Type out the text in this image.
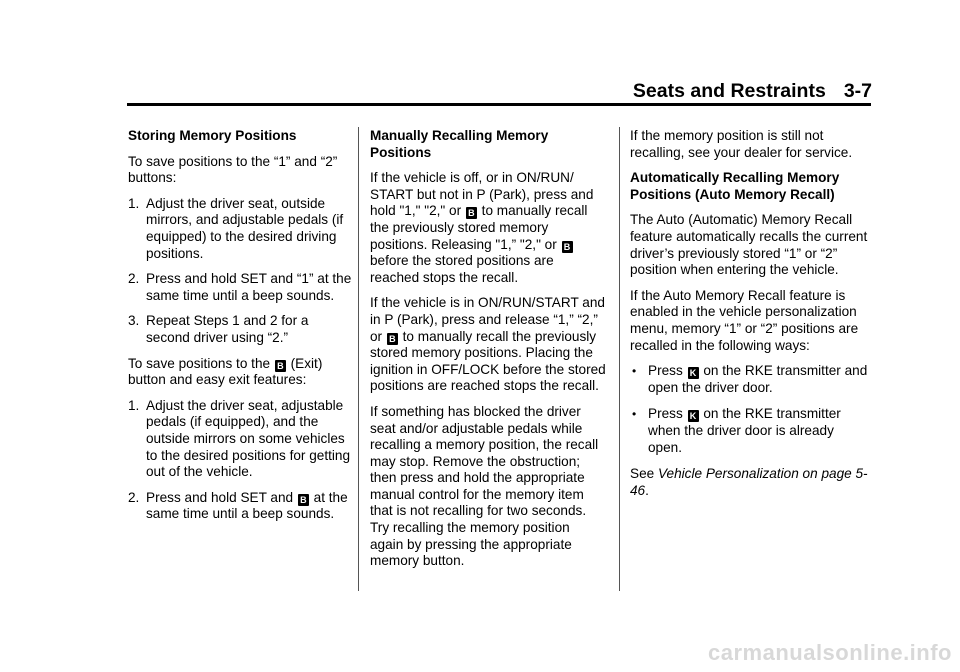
Seats and Restraints 3-7

Storing Memory Positions

To save positions to the “1” and “2” buttons:

1. Adjust the driver seat, outside mirrors, and adjustable pedals (if equipped) to the desired driving positions.
2. Press and hold SET and “1” at the same time until a beep sounds.
3. Repeat Steps 1 and 2 for a second driver using “2.”

To save positions to the B (Exit) button and easy exit features:

1. Adjust the driver seat, adjustable pedals (if equipped), and the outside mirrors on some vehicles to the desired positions for getting out of the vehicle.
2. Press and hold SET and B at the same time until a beep sounds.

Manually Recalling Memory Positions

If the vehicle is off, or in ON/RUN/ START but not in P (Park), press and hold "1," "2," or B to manually recall the previously stored memory positions. Releasing "1,” "2," or B before the stored positions are reached stops the recall.

If the vehicle is in ON/RUN/START and in P (Park), press and release “1,” “2,” or B to manually recall the previously stored memory positions. Placing the ignition in OFF/LOCK before the stored positions are reached stops the recall.

If something has blocked the driver seat and/or adjustable pedals while recalling a memory position, the recall may stop. Remove the obstruction; then press and hold the appropriate manual control for the memory item that is not recalling for two seconds. Try recalling the memory position again by pressing the appropriate memory button.

If the memory position is still not recalling, see your dealer for service.

Automatically Recalling Memory Positions (Auto Memory Recall)

The Auto (Automatic) Memory Recall feature automatically recalls the current driver’s previously stored “1” or “2” position when entering the vehicle.

If the Auto Memory Recall feature is enabled in the vehicle personalization menu, memory “1” or “2” positions are recalled in the following ways:

• Press K on the RKE transmitter and open the driver door.
• Press K on the RKE transmitter when the driver door is already open.

See Vehicle Personalization on page 5-46.

carmanualsonline.info
